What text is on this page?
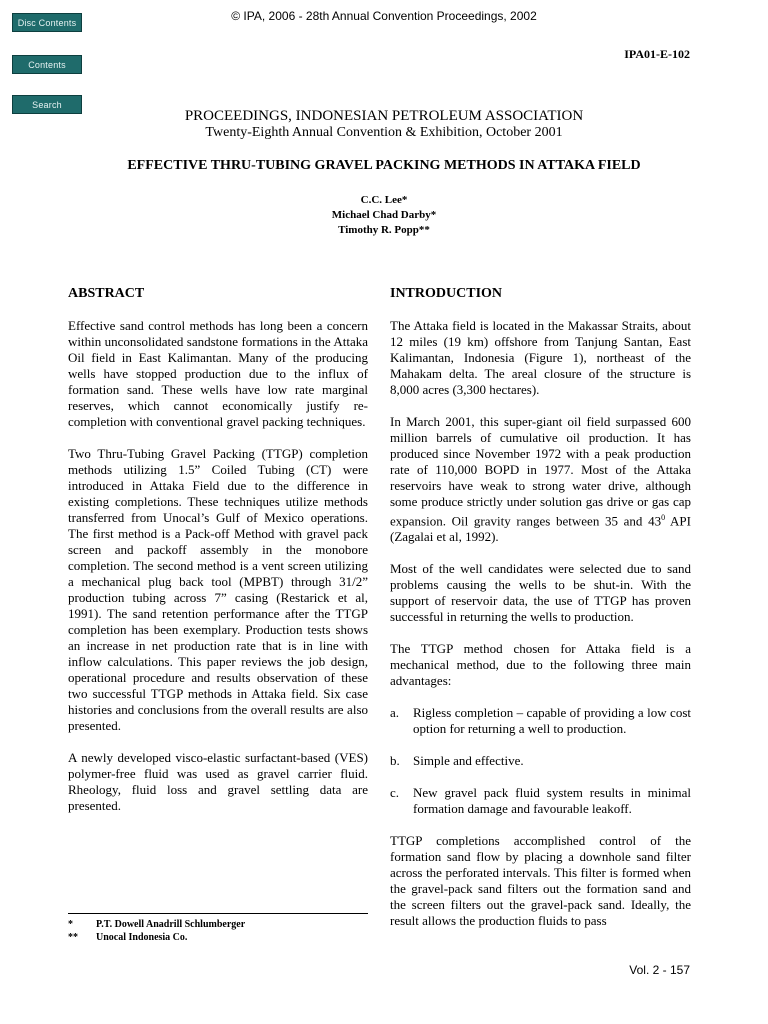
Disc Contents
Contents
Search
© IPA, 2006 - 28th Annual Convention Proceedings, 2002
IPA01-E-102
PROCEEDINGS, INDONESIAN PETROLEUM ASSOCIATION
Twenty-Eighth Annual Convention & Exhibition, October 2001
EFFECTIVE THRU-TUBING GRAVEL PACKING METHODS IN ATTAKA FIELD
C.C. Lee*
Michael Chad Darby*
Timothy R. Popp**
ABSTRACT

Effective sand control methods has long been a concern within unconsolidated sandstone formations in the Attaka Oil field in East Kalimantan. Many of the producing wells have stopped production due to the influx of formation sand. These wells have low rate marginal reserves, which cannot economically justify re-completion with conventional gravel packing techniques.

Two Thru-Tubing Gravel Packing (TTGP) completion methods utilizing 1.5” Coiled Tubing (CT) were introduced in Attaka Field due to the difference in existing completions. These techniques utilize methods transferred from Unocal’s Gulf of Mexico operations. The first method is a Pack-off Method with gravel pack screen and packoff assembly in the monobore completion. The second method is a vent screen utilizing a mechanical plug back tool (MPBT) through 31/2” production tubing across 7” casing (Restarick et al, 1991). The sand retention performance after the TTGP completion has been exemplary. Production tests shows an increase in net production rate that is in line with inflow calculations. This paper reviews the job design, operational procedure and results observation of these two successful TTGP methods in Attaka field. Six case histories and conclusions from the overall results are also presented.

A newly developed visco-elastic surfactant-based (VES) polymer-free fluid was used as gravel carrier fluid. Rheology, fluid loss and gravel settling data are presented.

INTRODUCTION

The Attaka field is located in the Makassar Straits, about 12 miles (19 km) offshore from Tanjung Santan, East Kalimantan, Indonesia (Figure 1), northeast of the Mahakam delta. The areal closure of the structure is 8,000 acres (3,300 hectares).

In March 2001, this super-giant oil field surpassed 600 million barrels of cumulative oil production. It has produced since November 1972 with a peak production rate of 110,000 BOPD in 1977. Most of the Attaka reservoirs have weak to strong water drive, although some produce strictly under solution gas drive or gas cap expansion. Oil gravity ranges between 35 and $43^0$ API (Zagalai et al, 1992).

Most of the well candidates were selected due to sand problems causing the wells to be shut-in. With the support of reservoir data, the use of TTGP has proven successful in returning the wells to production.

The TTGP method chosen for Attaka field is a mechanical method, due to the following three main advantages:

a.	Rigless completion – capable of providing a low cost option for returning a well to production.
b.	Simple and effective.
c.	New gravel pack fluid system results in minimal formation damage and favourable leakoff.

TTGP completions accomplished control of the formation sand flow by placing a downhole sand filter across the perforated intervals. This filter is formed when the gravel-pack sand filters out the formation sand and the screen filters out the gravel-pack sand. Ideally, the result allows the production fluids to pass

*	P.T. Dowell Anadrill Schlumberger
**	Unocal Indonesia Co.
Vol. 2 - 157
